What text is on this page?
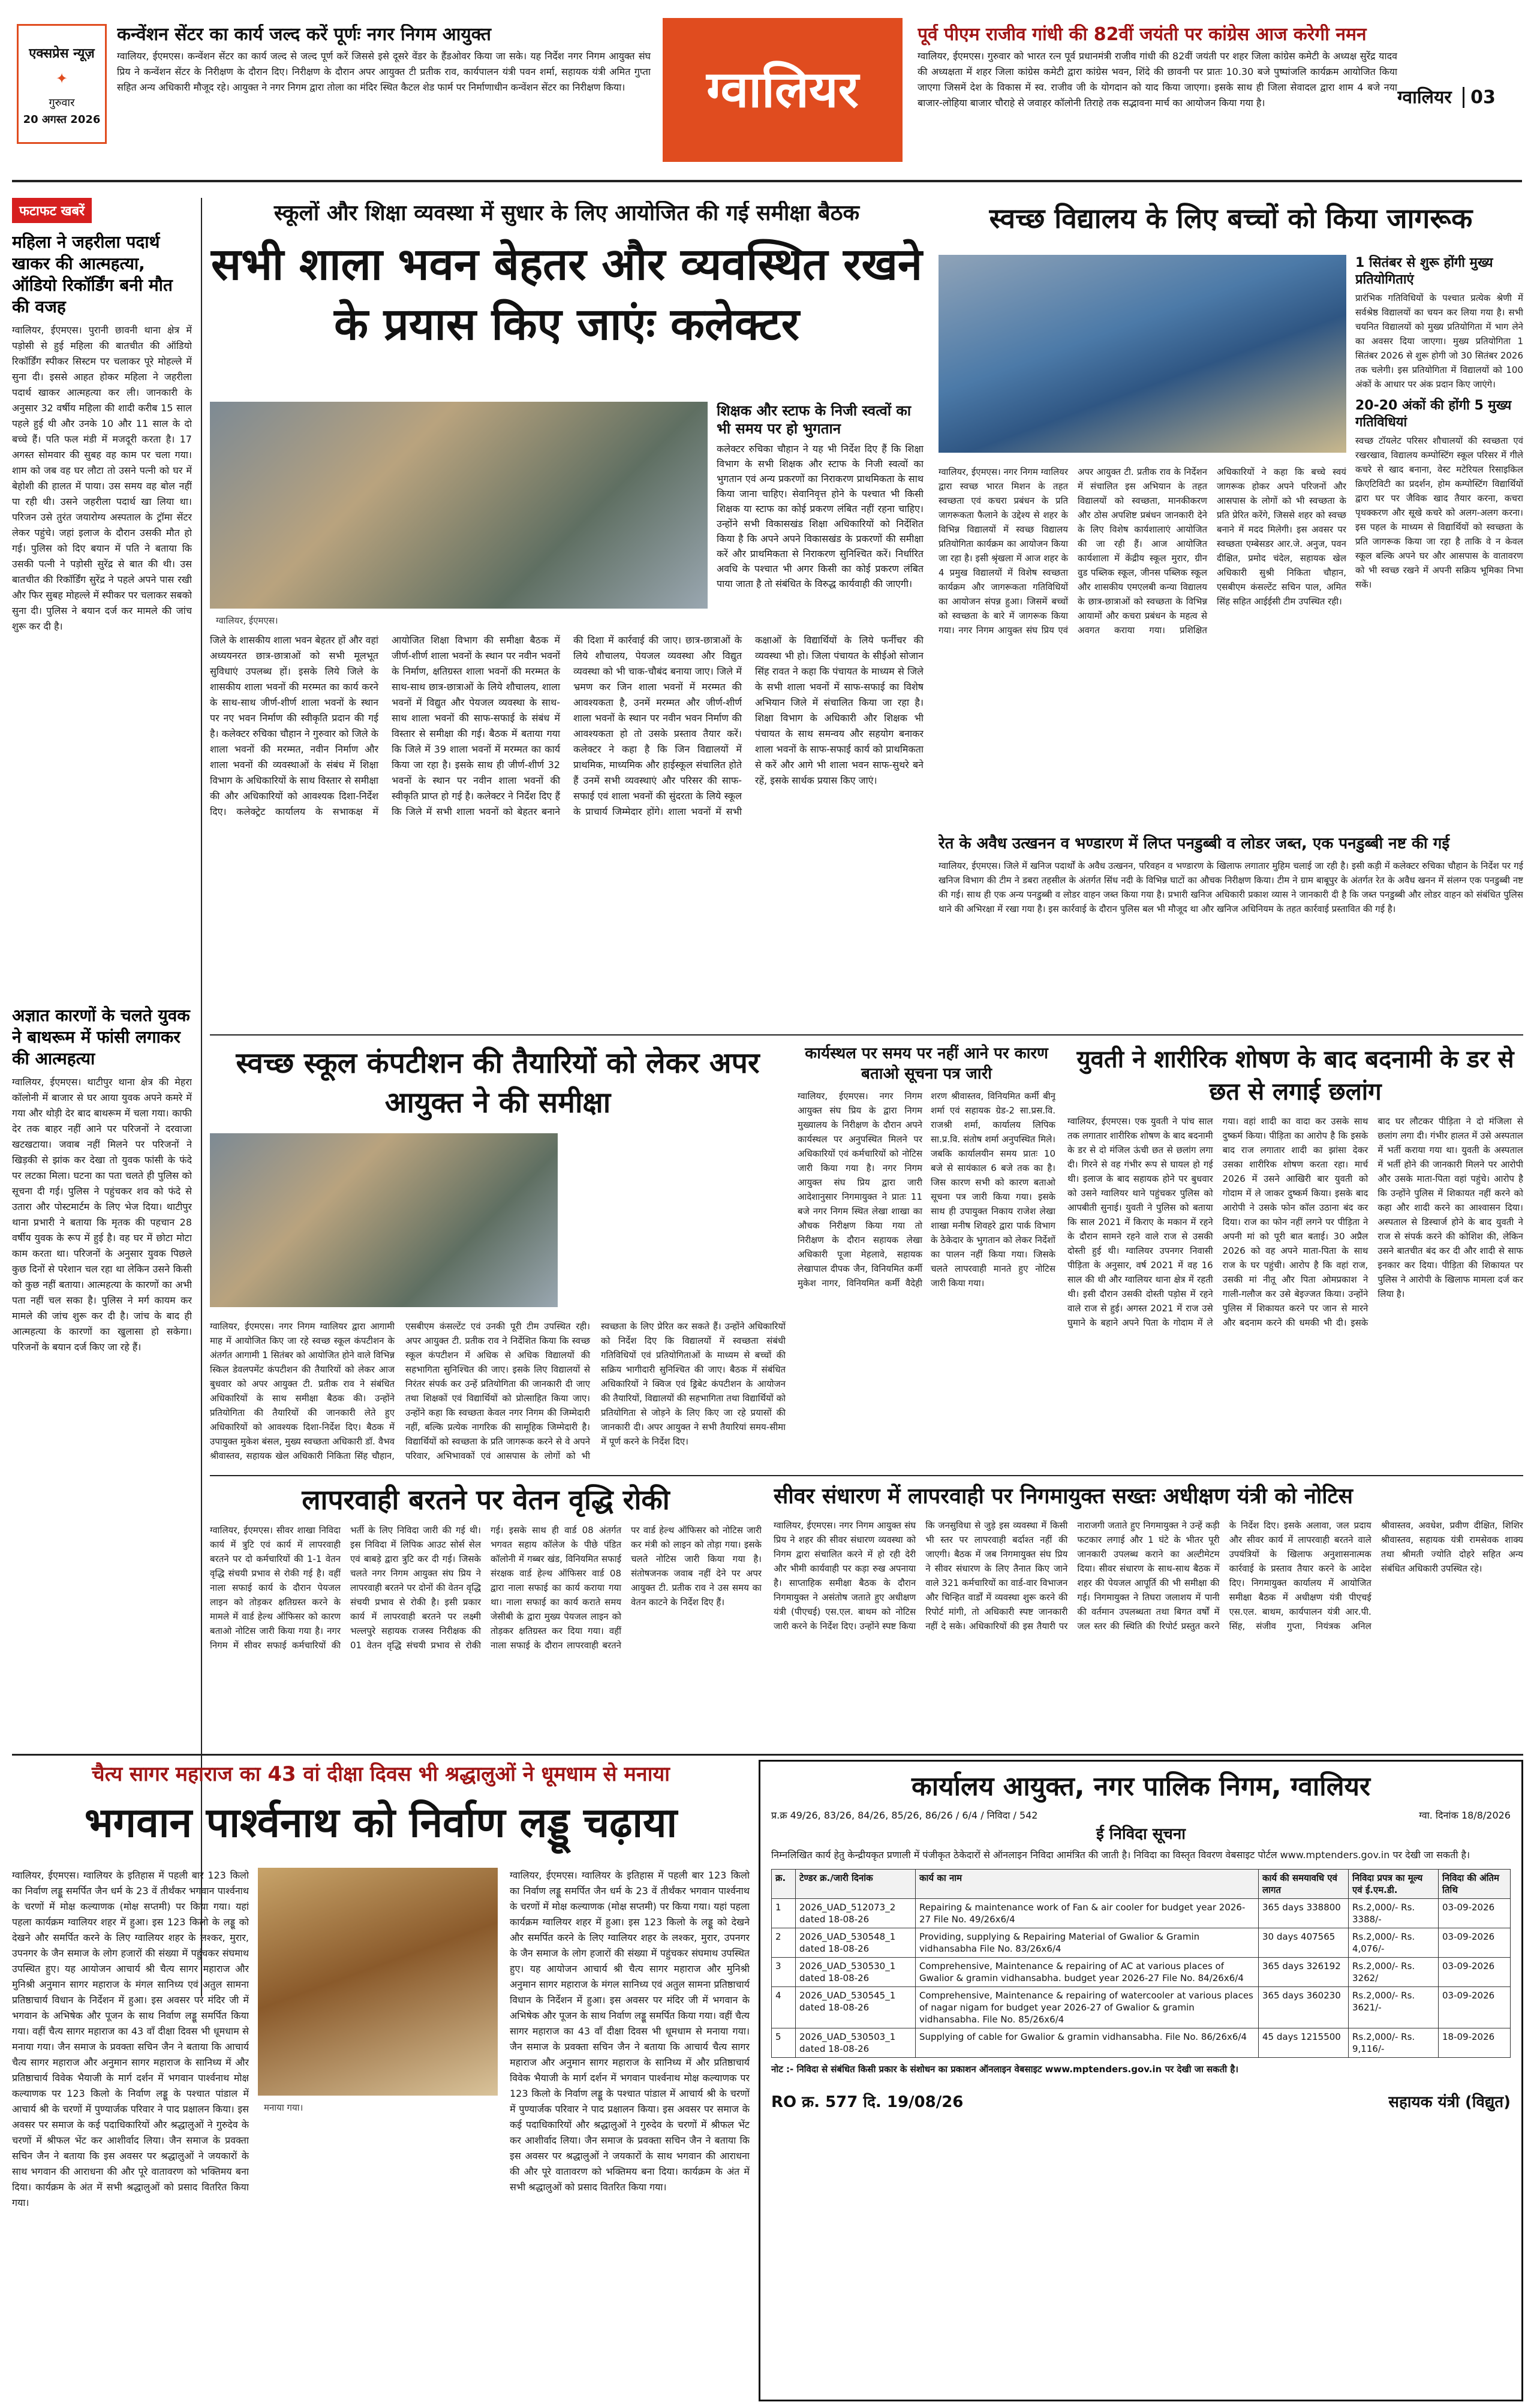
एक्सप्रेस न्यूज़
✦
गुरुवार
20 अगस्त 2026
कन्वेंशन सेंटर का कार्य जल्द करें पूर्णः नगर निगम आयुक्त
ग्वालियर, ईएमएस। कन्वेंशन सेंटर का कार्य जल्द से जल्द पूर्ण करें जिससे इसे दूसरे वेंडर के हैंडओवर किया जा सके। यह निर्देश नगर निगम आयुक्त संघ प्रिय ने कन्वेंशन सेंटर के निरीक्षण के दौरान दिए। निरीक्षण के दौरान अपर आयुक्त टी प्रतीक राव, कार्यपालन यंत्री पवन शर्मा, सहायक यंत्री अमित गुप्ता सहित अन्य अधिकारी मौजूद रहे। आयुक्त ने नगर निगम द्वारा तोला का मंदिर स्थित कैटल शेड फार्म पर निर्माणाधीन कन्वेंशन सेंटर का निरीक्षण किया।	ग्वालियर
पूर्व पीएम राजीव गांधी की 82वीं जयंती पर कांग्रेस आज करेगी नमन
ग्वालियर, ईएमएस। गुरुवार को भारत रत्न पूर्व प्रधानमंत्री राजीव गांधी की 82वीं जयंती पर शहर जिला कांग्रेस कमेटी के अध्यक्ष सुरेंद्र यादव की अध्यक्षता में शहर जिला कांग्रेस कमेटी द्वारा कांग्रेस भवन, शिंदे की छावनी पर प्रातः 10.30 बजे पुष्पांजलि कार्यक्रम आयोजित किया जाएगा जिसमें देश के विकास में स्व. राजीव जी के योगदान को याद किया जाएगा। इसके साथ ही जिला सेवादल द्वारा शाम 4 बजे नया बाजार-लोहिया बाजार चौराहे से जवाहर कॉलोनी तिराहे तक सद्भावना मार्च का आयोजन किया गया है।	ग्वालियर 03
फटाफट खबरें
महिला ने जहरीला पदार्थ खाकर की आत्महत्या, ऑडियो रिकॉर्डिंग बनी मौत की वजह
ग्वालियर, ईएमएस। पुरानी छावनी थाना क्षेत्र में पड़ोसी से हुई महिला की बातचीत की ऑडियो रिकॉर्डिंग स्पीकर सिस्टम पर चलाकर पूरे मोहल्ले में सुना दी। इससे आहत होकर महिला ने जहरीला पदार्थ खाकर आत्महत्या कर ली। जानकारी के अनुसार 32 वर्षीय महिला की शादी करीब 15 साल पहले हुई थी और उनके 10 और 11 साल के दो बच्चे हैं। पति फल मंडी में मजदूरी करता है। 17 अगस्त सोमवार की सुबह वह काम पर चला गया। शाम को जब वह घर लौटा तो उसने पत्नी को घर में बेहोशी की हालत में पाया। उस समय वह बोल नहीं पा रही थी। उसने जहरीला पदार्थ खा लिया था। परिजन उसे तुरंत जयारोग्य अस्पताल के ट्रॉमा सेंटर लेकर पहुंचे। जहां इलाज के दौरान उसकी मौत हो गई। पुलिस को दिए बयान में पति ने बताया कि उसकी पत्नी ने पड़ोसी सुरेंद्र से बात की थी। उस बातचीत की रिकॉर्डिंग सुरेंद्र ने पहले अपने पास रखी और फिर सुबह मोहल्ले में स्पीकर पर चलाकर सबको सुना दी। पुलिस ने बयान दर्ज कर मामले की जांच शुरू कर दी है।
अज्ञात कारणों के चलते युवक ने बाथरूम में फांसी लगाकर की आत्महत्या
ग्वालियर, ईएमएस। थाटीपुर थाना क्षेत्र की मेहरा कॉलोनी में बाजार से घर आया युवक अपने कमरे में गया और थोड़ी देर बाद बाथरूम में चला गया। काफी देर तक बाहर नहीं आने पर परिजनों ने दरवाजा खटखटाया। जवाब नहीं मिलने पर परिजनों ने खिड़की से झांक कर देखा तो युवक फांसी के फंदे पर लटका मिला। घटना का पता चलते ही पुलिस को सूचना दी गई। पुलिस ने पहुंचकर शव को फंदे से उतारा और पोस्टमार्टम के लिए भेज दिया। थाटीपुर थाना प्रभारी ने बताया कि मृतक की पहचान 28 वर्षीय युवक के रूप में हुई है। वह घर में छोटा मोटा काम करता था। परिजनों के अनुसार युवक पिछले कुछ दिनों से परेशान चल रहा था लेकिन उसने किसी को कुछ नहीं बताया। आत्महत्या के कारणों का अभी पता नहीं चल सका है। पुलिस ने मर्ग कायम कर मामले की जांच शुरू कर दी है। जांच के बाद ही आत्महत्या के कारणों का खुलासा हो सकेगा। परिजनों के बयान दर्ज किए जा रहे हैं।
स्कूलों और शिक्षा व्यवस्था में सुधार के लिए आयोजित की गई समीक्षा बैठक
सभी शाला भवन बेहतर और व्यवस्थित रखने के प्रयास किए जाएंः कलेक्टर
ग्वालियर, ईएमएस।
शिक्षक और स्टाफ के निजी स्वत्वों का भी समय पर हो भुगतान
कलेक्टर रुचिका चौहान ने यह भी निर्देश दिए हैं कि शिक्षा विभाग के सभी शिक्षक और स्टाफ के निजी स्वत्वों का भुगतान एवं अन्य प्रकरणों का निराकरण प्राथमिकता के साथ किया जाना चाहिए। सेवानिवृत्त होने के पश्चात भी किसी शिक्षक या स्टाफ का कोई प्रकरण लंबित नहीं रहना चाहिए। उन्होंने सभी विकासखंड शिक्षा अधिकारियों को निर्देशित किया है कि अपने अपने विकासखंड के प्रकरणों की समीक्षा करें और प्राथमिकता से निराकरण सुनिश्चित करें। निर्धारित अवधि के पश्चात भी अगर किसी का कोई प्रकरण लंबित पाया जाता है तो संबंधित के विरुद्ध कार्यवाही की जाएगी।
जिले के शासकीय शाला भवन बेहतर हों और वहां अध्ययनरत छात्र-छात्राओं को सभी मूलभूत सुविधाएं उपलब्ध हों। इसके लिये जिले के शासकीय शाला भवनों की मरम्मत का कार्य करने के साथ-साथ जीर्ण-शीर्ण शाला भवनों के स्थान पर नए भवन निर्माण की स्वीकृति प्रदान की गई है। कलेक्टर रुचिका चौहान ने गुरुवार को जिले के शाला भवनों की मरम्मत, नवीन निर्माण और शाला भवनों की व्यवस्थाओं के संबंध में शिक्षा विभाग के अधिकारियों के साथ विस्तार से समीक्षा की और अधिकारियों को आवश्यक दिशा-निर्देश दिए। कलेक्ट्रेट कार्यालय के सभाकक्ष में आयोजित शिक्षा विभाग की समीक्षा बैठक में जीर्ण-शीर्ण शाला भवनों के स्थान पर नवीन भवनों के निर्माण, क्षतिग्रस्त शाला भवनों की मरम्मत के साथ-साथ छात्र-छात्राओं के लिये शौचालय, शाला भवनों में विद्युत और पेयजल व्यवस्था के साथ-साथ शाला भवनों की साफ-सफाई के संबंध में विस्तार से समीक्षा की गई। बैठक में बताया गया कि जिले में 39 शाला भवनों में मरम्मत का कार्य किया जा रहा है। इसके साथ ही जीर्ण-शीर्ण 32 भवनों के स्थान पर नवीन शाला भवनों की स्वीकृति प्राप्त हो गई है। कलेक्टर ने निर्देश दिए हैं कि जिले में सभी शाला भवनों को बेहतर बनाने की दिशा में कार्रवाई की जाए। छात्र-छात्राओं के लिये शौचालय, पेयजल व्यवस्था और विद्युत व्यवस्था को भी चाक-चौबंद बनाया जाए। जिले में भ्रमण कर जिन शाला भवनों में मरम्मत की आवश्यकता है, उनमें मरम्मत और जीर्ण-शीर्ण शाला भवनों के स्थान पर नवीन भवन निर्माण की आवश्यकता हो तो उसके प्रस्ताव तैयार करें। कलेक्टर ने कहा है कि जिन विद्यालयों में प्राथमिक, माध्यमिक और हाईस्कूल संचालित होते हैं उनमें सभी व्यवस्थाएं और परिसर की साफ-सफाई एवं शाला भवनों की सुंदरता के लिये स्कूल के प्राचार्य जिम्मेदार होंगे। शाला भवनों में सभी कक्षाओं के विद्यार्थियों के लिये फर्नीचर की व्यवस्था भी हो। जिला पंचायत के सीईओ सोजान सिंह रावत ने कहा कि पंचायत के माध्यम से जिले के सभी शाला भवनों में साफ-सफाई का विशेष अभियान जिले में संचालित किया जा रहा है। शिक्षा विभाग के अधिकारी और शिक्षक भी पंचायत के साथ समन्वय और सहयोग बनाकर शाला भवनों के साफ-सफाई कार्य को प्राथमिकता से करें और आगे भी शाला भवन साफ-सुथरे बने रहें, इसके सार्थक प्रयास किए जाएं।
स्वच्छ विद्यालय के लिए बच्चों को किया जागरूक
1 सितंबर से शुरू होंगी मुख्य प्रतियोगिताएं
प्रारंभिक गतिविधियों के पश्चात प्रत्येक श्रेणी में सर्वश्रेष्ठ विद्यालयों का चयन कर लिया गया है। सभी चयनित विद्यालयों को मुख्य प्रतियोगिता में भाग लेने का अवसर दिया जाएगा। मुख्य प्रतियोगिता 1 सितंबर 2026 से शुरू होगी जो 30 सितंबर 2026 तक चलेगी। इस प्रतियोगिता में विद्यालयों को 100 अंकों के आधार पर अंक प्रदान किए जाएंगे।
20-20 अंकों की होंगी 5 मुख्य गतिविधियां
स्वच्छ टॉयलेट परिसर शौचालयों की स्वच्छता एवं रखरखाव, विद्यालय कम्पोस्टिंग स्कूल परिसर में गीले कचरे से खाद बनाना, वेस्ट मटेरियल रिसाइकिल क्रिएटिविटी का प्रदर्शन, होम कम्पोस्टिंग विद्यार्थियों द्वारा घर पर जैविक खाद तैयार करना, कचरा पृथक्करण और सूखे कचरे को अलग-अलग करना। इस पहल के माध्यम से विद्यार्थियों को स्वच्छता के प्रति जागरूक किया जा रहा है ताकि वे न केवल स्कूल बल्कि अपने घर और आसपास के वातावरण को भी स्वच्छ रखने में अपनी सक्रिय भूमिका निभा सकें।
ग्वालियर, ईएमएस। नगर निगम ग्वालियर द्वारा स्वच्छ भारत मिशन के तहत स्वच्छता एवं कचरा प्रबंधन के प्रति जागरूकता फैलाने के उद्देश्य से शहर के विभिन्न विद्यालयों में स्वच्छ विद्यालय प्रतियोगिता कार्यक्रम का आयोजन किया जा रहा है। इसी श्रृंखला में आज शहर के 4 प्रमुख विद्यालयों में विशेष स्वच्छता कार्यक्रम और जागरूकता गतिविधियों का आयोजन संपन्न हुआ। जिसमें बच्चों को स्वच्छता के बारे में जागरूक किया गया। नगर निगम आयुक्त संघ प्रिय एवं अपर आयुक्त टी. प्रतीक राव के निर्देशन में संचालित इस अभियान के तहत विद्यालयों को स्वच्छता, मानकीकरण और ठोस अपशिष्ट प्रबंधन जानकारी देने के लिए विशेष कार्यशालाएं आयोजित की जा रही हैं। आज आयोजित कार्यशाला में केंद्रीय स्कूल मुरार, ग्रीन वुड पब्लिक स्कूल, जीनस पब्लिक स्कूल और शासकीय एमएलबी कन्या विद्यालय के छात्र-छात्राओं को स्वच्छता के विभिन्न आयामों और कचरा प्रबंधन के महत्व से अवगत कराया गया। प्रशिक्षित अधिकारियों ने कहा कि बच्चे स्वयं जागरूक होकर अपने परिजनों और आसपास के लोगों को भी स्वच्छता के प्रति प्रेरित करेंगे, जिससे शहर को स्वच्छ बनाने में मदद मिलेगी। इस अवसर पर स्वच्छता एम्बेसडर आर.जे. अनुज, पवन दीक्षित, प्रमोद चंदेल, सहायक खेल अधिकारी सुश्री निकिता चौहान, एसबीएम कंसल्टेंट सचिन पाल, अमित सिंह सहित आईईसी टीम उपस्थित रही।
रेत के अवैध उत्खनन व भण्डारण में लिप्त पनडुब्बी व लोडर जब्त, एक पनडुब्बी नष्ट की गई
ग्वालियर, ईएमएस। जिले में खनिज पदार्थों के अवैध उत्खनन, परिवहन व भण्डारण के खिलाफ लगातार मुहिम चलाई जा रही है। इसी कड़ी में कलेक्टर रुचिका चौहान के निर्देश पर गई खनिज विभाग की टीम ने डबरा तहसील के अंतर्गत सिंध नदी के विभिन्न घाटों का औचक निरीक्षण किया। टीम ने ग्राम बाबूपुर के अंतर्गत रेत के अवैध खनन में संलग्न एक पनडुब्बी नष्ट की गई। साथ ही एक अन्य पनडुब्बी व लोडर वाहन जब्त किया गया है। प्रभारी खनिज अधिकारी प्रकाश व्यास ने जानकारी दी है कि जब्त पनडुब्बी और लोडर वाहन को संबंधित पुलिस थाने की अभिरक्षा में रखा गया है। इस कार्रवाई के दौरान पुलिस बल भी मौजूद था और खनिज अधिनियम के तहत कार्रवाई प्रस्तावित की गई है।
स्वच्छ स्कूल कंपटीशन की तैयारियों को लेकर अपर आयुक्त ने की समीक्षा
ग्वालियर, ईएमएस। नगर निगम ग्वालियर द्वारा आगामी माह में आयोजित किए जा रहे स्वच्छ स्कूल कंपटीशन के अंतर्गत आगामी 1 सितंबर को आयोजित होने वाले विभिन्न स्किल डेवलपमेंट कंपटीशन की तैयारियों को लेकर आज बुधवार को अपर आयुक्त टी. प्रतीक राव ने संबंधित अधिकारियों के साथ समीक्षा बैठक की। उन्होंने प्रतियोगिता की तैयारियों की जानकारी लेते हुए अधिकारियों को आवश्यक दिशा-निर्देश दिए। बैठक में उपायुक्त मुकेश बंसल, मुख्य स्वच्छता अधिकारी डॉ. वैभव श्रीवास्तव, सहायक खेल अधिकारी निकिता सिंह चौहान, एसबीएम कंसल्टेंट एवं उनकी पूरी टीम उपस्थित रही। अपर आयुक्त टी. प्रतीक राव ने निर्देशित किया कि स्वच्छ स्कूल कंपटीशन में अधिक से अधिक विद्यालयों की सहभागिता सुनिश्चित की जाए। इसके लिए विद्यालयों से निरंतर संपर्क कर उन्हें प्रतियोगिता की जानकारी दी जाए तथा शिक्षकों एवं विद्यार्थियों को प्रोत्साहित किया जाए। उन्होंने कहा कि स्वच्छता केवल नगर निगम की जिम्मेदारी नहीं, बल्कि प्रत्येक नागरिक की सामूहिक जिम्मेदारी है। विद्यार्थियों को स्वच्छता के प्रति जागरूक करने से वे अपने परिवार, अभिभावकों एवं आसपास के लोगों को भी स्वच्छता के लिए प्रेरित कर सकते हैं। उन्होंने अधिकारियों को निर्देश दिए कि विद्यालयों में स्वच्छता संबंधी गतिविधियों एवं प्रतियोगिताओं के माध्यम से बच्चों की सक्रिय भागीदारी सुनिश्चित की जाए। बैठक में संबंधित अधिकारियों ने क्विज एवं ड्रिबेट कंपटीशन के आयोजन की तैयारियों, विद्यालयों की सहभागिता तथा विद्यार्थियों को प्रतियोगिता से जोड़ने के लिए किए जा रहे प्रयासों की जानकारी दी। अपर आयुक्त ने सभी तैयारियां समय-सीमा में पूर्ण करने के निर्देश दिए।
कार्यस्थल पर समय पर नहीं आने पर कारण बताओ सूचना पत्र जारी
ग्वालियर, ईएमएस। नगर निगम आयुक्त संघ प्रिय के द्वारा निगम मुख्यालय के निरीक्षण के दौरान अपने कार्यस्थल पर अनुपस्थित मिलने पर अधिकारियों एवं कर्मचारियों को नोटिस जारी किया गया है। नगर निगम आयुक्त संघ प्रिय द्वारा जारी आदेशानुसार निगमायुक्त ने प्रातः 11 बजे नगर निगम स्थित लेखा शाखा का औचक निरीक्षण किया गया तो निरीक्षण के दौरान सहायक लेखा अधिकारी पूजा मेहलावे, सहायक लेखापाल दीपक जैन, विनियमित कर्मी मुकेश नागर, विनियमित कर्मी वैदेही शरण श्रीवास्तव, विनियमित कर्मी बीनू शर्मा एवं सहायक ग्रेड-2 सा.प्रस.वि. राजश्री शर्मा, कार्यालय लिपिक सा.प्र.वि. संतोष शर्मा अनुपस्थित मिले। जबकि कार्यालयीन समय प्रातः 10 बजे से सायंकाल 6 बजे तक का है। जिस कारण सभी को कारण बताओ सूचना पत्र जारी किया गया। इसके साथ ही उपायुक्त निकाय राजेश लेखा शाखा मनीष शिवहरे द्वारा पार्क विभाग के ठेकेदार के भुगतान को लेकर निर्देशों का पालन नहीं किया गया। जिसके चलते लापरवाही मानते हुए नोटिस जारी किया गया।
युवती ने शारीरिक शोषण के बाद बदनामी के डर से छत से लगाई छलांग
ग्वालियर, ईएमएस। एक युवती ने पांच साल तक लगातार शारीरिक शोषण के बाद बदनामी के डर से दो मंजिल ऊंची छत से छलांग लगा दी। गिरने से वह गंभीर रूप से घायल हो गई थी। इलाज के बाद सहायक होने पर बुधवार को उसने ग्वालियर थाने पहुंचकर पुलिस को आपबीती सुनाई। युवती ने पुलिस को बताया कि साल 2021 में किराए के मकान में रहने के दौरान सामने रहने वाले राज से उसकी दोस्ती हुई थी। ग्वालियर उपनगर निवासी पीड़िता के अनुसार, वर्ष 2021 में वह 16 साल की थी और ग्वालियर थाना क्षेत्र में रहती थी। इसी दौरान उसकी दोस्ती पड़ोस में रहने वाले राज से हुई। अगस्त 2021 में राज उसे घुमाने के बहाने अपने पिता के गोदाम में ले गया। वहां शादी का वादा कर उसके साथ दुष्कर्म किया। पीड़िता का आरोप है कि इसके बाद राज लगातार शादी का झांसा देकर उसका शारीरिक शोषण करता रहा। मार्च 2026 में उसने आखिरी बार युवती को गोदाम में ले जाकर दुष्कर्म किया। इसके बाद आरोपी ने उसके फोन कॉल उठाना बंद कर दिया। राज का फोन नहीं लगने पर पीड़िता ने अपनी मां को पूरी बात बताई। 30 अप्रैल 2026 को वह अपने माता-पिता के साथ राज के घर पहुंची। आरोप है कि वहां राज, उसकी मां नीतू और पिता ओमप्रकाश ने गाली-गलौज कर उसे बेइज्जत किया। उन्होंने पुलिस में शिकायत करने पर जान से मारने और बदनाम करने की धमकी भी दी। इसके बाद घर लौटकर पीड़िता ने दो मंजिला से छलांग लगा दी। गंभीर हालत में उसे अस्पताल में भर्ती कराया गया था। युवती के अस्पताल में भर्ती होने की जानकारी मिलने पर आरोपी और उसके माता-पिता वहां पहुंचे। आरोप है कि उन्होंने पुलिस में शिकायत नहीं करने को कहा और शादी करने का आश्वासन दिया। अस्पताल से डिस्चार्ज होने के बाद युवती ने राज से संपर्क करने की कोशिश की, लेकिन उसने बातचीत बंद कर दी और शादी से साफ इनकार कर दिया। पीड़िता की शिकायत पर पुलिस ने आरोपी के खिलाफ मामला दर्ज कर लिया है।
लापरवाही बरतने पर वेतन वृद्धि रोकी
ग्वालियर, ईएमएस। सीवर शाखा निविदा कार्य में त्रुटि एवं कार्य में लापरवाही बरतने पर दो कर्मचारियों की 1-1 वेतन वृद्धि संचयी प्रभाव से रोकी गई है। वहीं नाला सफाई कार्य के दौरान पेयजल लाइन को तोड़कर क्षतिग्रस्त करने के मामले में वार्ड हेल्थ ऑफिसर को कारण बताओ नोटिस जारी किया गया है। नगर निगम में सीवर सफाई कर्मचारियों की भर्ती के लिए निविदा जारी की गई थी। इस निविदा में लिपिक आउट सोर्स सेल एवं बाबड़े द्वारा त्रुटि कर दी गई। जिसके चलते नगर निगम आयुक्त संघ प्रिय ने लापरवाही बरतने पर दोनों की वेतन वृद्धि संचयी प्रभाव से रोकी है। इसी प्रकार कार्य में लापरवाही बरतने पर लक्ष्मी भल्लपुरे सहायक राजस्व निरीक्षक की 01 वेतन वृद्धि संचयी प्रभाव से रोकी गई। इसके साथ ही वार्ड 08 अंतर्गत भगवत सहाय कॉलेज के पीछे पंडित कॉलोनी में गब्बर खंड, विनियमित सफाई संरक्षक वार्ड हेल्थ ऑफिसर वार्ड 08 द्वारा नाला सफाई का कार्य कराया गया था। नाला सफाई का कार्य कराते समय जेसीबी के द्वारा मुख्य पेयजल लाइन को तोड़कर क्षतिग्रस्त कर दिया गया। वहीं नाला सफाई के दौरान लापरवाही बरतने पर वार्ड हेल्थ ऑफिसर को नोटिस जारी कर मंत्री को लाइन को तोड़ा गया। इसके चलते नोटिस जारी किया गया है। संतोषजनक जवाब नहीं देने पर अपर आयुक्त टी. प्रतीक राव ने उस समय का वेतन काटने के निर्देश दिए हैं।
सीवर संधारण में लापरवाही पर निगमायुक्त सख्तः अधीक्षण यंत्री को नोटिस
ग्वालियर, ईएमएस। नगर निगम आयुक्त संघ प्रिय ने शहर की सीवर संधारण व्यवस्था को निगम द्वारा संचालित करने में हो रही देरी और भीमी कार्यवाही पर कड़ा रुख अपनाया है। साप्ताहिक समीक्षा बैठक के दौरान निगमायुक्त ने असंतोष जताते हुए अधीक्षण यंत्री (पीएचई) एस.एल. बाथम को नोटिस जारी करने के निर्देश दिए। उन्होंने स्पष्ट किया कि जनसुविधा से जुड़े इस व्यवस्था में किसी भी स्तर पर लापरवाही बर्दाश्त नहीं की जाएगी। बैठक में जब निगमायुक्त संघ प्रिय ने सीवर संधारण के लिए तैनात किए जाने वाले 321 कर्मचारियों का वार्ड-वार विभाजन और चिन्हित वार्डों में व्यवस्था शुरू करने की रिपोर्ट मांगी, तो अधिकारी स्पष्ट जानकारी नहीं दे सके। अधिकारियों की इस तैयारी पर नाराजगी जताते हुए निगमायुक्त ने उन्हें कड़ी फटकार लगाई और 1 घंटे के भीतर पूरी जानकारी उपलब्ध कराने का अल्टीमेटम दिया। सीवर संधारण के साथ-साथ बैठक में शहर की पेयजल आपूर्ति की भी समीक्षा की गई। निगमायुक्त ने तिघरा जलाशय में पानी की वर्तमान उपलब्धता तथा बिगत वर्षों में जल स्तर की स्थिति की रिपोर्ट प्रस्तुत करने के निर्देश दिए। इसके अलावा, जल प्रदाय और सीवर कार्य में लापरवाही बरतने वाले उपयंत्रियों के खिलाफ अनुशासनात्मक कार्रवाई के प्रस्ताव तैयार करने के आदेश दिए। निगमायुक्त कार्यालय में आयोजित समीक्षा बैठक में अधीक्षण यंत्री पीएचई एस.एल. बाथम, कार्यपालन यंत्री आर.पी. सिंह, संजीव गुप्ता, नियंत्रक अनिल श्रीवास्तव, अवधेश, प्रवीण दीक्षित, शिशिर श्रीवास्तव, सहायक यंत्री रामसेवक शाक्य तथा श्रीमती ज्योति दोहरे सहित अन्य संबंधित अधिकारी उपस्थित रहे।
चैत्य सागर महाराज का 43 वां दीक्षा दिवस भी श्रद्धालुओं ने धूमधाम से मनाया
भगवान पार्श्वनाथ को निर्वाण लड्डू चढ़ाया
मनाया गया।
ग्वालियर, ईएमएस। ग्वालियर के इतिहास में पहली बार 123 किलो का निर्वाण लड्डू समर्पित जैन धर्म के 23 वें तीर्थंकर भगवान पार्श्वनाथ के चरणों में मोक्ष कल्याणक (मोक्ष सप्तमी) पर किया गया। यहां पहला कार्यक्रम ग्वालियर शहर में हुआ। इस 123 किलो के लड्डू को देखने और समर्पित करने के लिए ग्वालियर शहर के लश्कर, मुरार, उपनगर के जैन समाज के लोग हजारों की संख्या में पहुंचकर संघमाथ उपस्थित हुए। यह आयोजन आचार्य श्री चैत्य सागर महाराज और मुनिश्री अनुमान सागर महाराज के मंगल सानिध्य एवं अतुल सामना प्रतिष्ठाचार्य विधान के निर्देशन में हुआ। इस अवसर पर मंदिर जी में भगवान के अभिषेक और पूजन के साथ निर्वाण लड्डू समर्पित किया गया। वहीं चैत्य सागर महाराज का 43 वाँ दीक्षा दिवस भी धूमधाम से मनाया गया। जैन समाज के प्रवक्ता सचिन जैन ने बताया कि आचार्य चैत्य सागर महाराज और अनुमान सागर महाराज के सानिध्य में और प्रतिष्ठाचार्य विवेक भैयाजी के मार्ग दर्शन में भगवान पार्श्वनाथ मोक्ष कल्याणक पर 123 किलो के निर्वाण लड्डू के पश्चात पांडाल में आचार्य श्री के चरणों में पुण्यार्जक परिवार ने पाद प्रक्षालन किया। इस अवसर पर समाज के कई पदाधिकारियों और श्रद्धालुओं ने गुरुदेव के चरणों में श्रीफल भेंट कर आशीर्वाद लिया। जैन समाज के प्रवक्ता सचिन जैन ने बताया कि इस अवसर पर श्रद्धालुओं ने जयकारों के साथ भगवान की आराधना की और पूरे वातावरण को भक्तिमय बना दिया। कार्यक्रम के अंत में सभी श्रद्धालुओं को प्रसाद वितरित किया गया।
ग्वालियर, ईएमएस। ग्वालियर के इतिहास में पहली बार 123 किलो का निर्वाण लड्डू समर्पित जैन धर्म के 23 वें तीर्थंकर भगवान पार्श्वनाथ के चरणों में मोक्ष कल्याणक (मोक्ष सप्तमी) पर किया गया। यहां पहला कार्यक्रम ग्वालियर शहर में हुआ। इस 123 किलो के लड्डू को देखने और समर्पित करने के लिए ग्वालियर शहर के लश्कर, मुरार, उपनगर के जैन समाज के लोग हजारों की संख्या में पहुंचकर संघमाथ उपस्थित हुए। यह आयोजन आचार्य श्री चैत्य सागर महाराज और मुनिश्री अनुमान सागर महाराज के मंगल सानिध्य एवं अतुल सामना प्रतिष्ठाचार्य विधान के निर्देशन में हुआ। इस अवसर पर मंदिर जी में भगवान के अभिषेक और पूजन के साथ निर्वाण लड्डू समर्पित किया गया। वहीं चैत्य सागर महाराज का 43 वाँ दीक्षा दिवस भी धूमधाम से मनाया गया। जैन समाज के प्रवक्ता सचिन जैन ने बताया कि आचार्य चैत्य सागर महाराज और अनुमान सागर महाराज के सानिध्य में और प्रतिष्ठाचार्य विवेक भैयाजी के मार्ग दर्शन में भगवान पार्श्वनाथ मोक्ष कल्याणक पर 123 किलो के निर्वाण लड्डू के पश्चात पांडाल में आचार्य श्री के चरणों में पुण्यार्जक परिवार ने पाद प्रक्षालन किया। इस अवसर पर समाज के कई पदाधिकारियों और श्रद्धालुओं ने गुरुदेव के चरणों में श्रीफल भेंट कर आशीर्वाद लिया। जैन समाज के प्रवक्ता सचिन जैन ने बताया कि इस अवसर पर श्रद्धालुओं ने जयकारों के साथ भगवान की आराधना की और पूरे वातावरण को भक्तिमय बना दिया। कार्यक्रम के अंत में सभी श्रद्धालुओं को प्रसाद वितरित किया गया।
कार्यालय आयुक्त, नगर पालिक निगम, ग्वालियर
प्र.क्र 49/26, 83/26, 84/26, 85/26, 86/26 / 6/4 / निविदा / 542	ग्वा. दिनांक 18/8/2026
ई निविदा सूचना
निम्नलिखित कार्य हेतु केन्द्रीयकृत प्रणाली में पंजीकृत ठेकेदारों से ऑनलाइन निविदा आमंत्रित की जाती है। निविदा का विस्तृत विवरण वेबसाइट पोर्टल www.mptenders.gov.in पर देखी जा सकती है।
क्र.	टेण्डर क्र./जारी दिनांक	कार्य का नाम	कार्य की समयावधि एवं लागत	निविदा प्रपत्र का मूल्य एवं ई.एम.डी.	निविदा की अंतिम तिथि
1	2026_UAD_512073_2 dated 18-08-26	Repairing & maintenance work of Fan & air cooler for budget year 2026-27 File No. 49/26x6/4	365 days 338800	Rs.2,000/- Rs. 3388/-	03-09-2026
2	2026_UAD_530548_1 dated 18-08-26	Providing, supplying & Repairing Material of Gwalior & Gramin vidhansabha File No. 83/26x6/4	30 days 407565	Rs.2,000/- Rs. 4,076/-	03-09-2026
3	2026_UAD_530530_1 dated 18-08-26	Comprehensive, Maintenance & repairing of AC at various places of Gwalior & gramin vidhansabha. budget year 2026-27 File No. 84/26x6/4	365 days 326192	Rs.2,000/- Rs. 3262/	03-09-2026
4	2026_UAD_530545_1 dated 18-08-26	Comprehensive, Maintenance & repairing of watercooler at various places of nagar nigam for budget year 2026-27 of Gwalior & gramin vidhansabha. File No. 85/26x6/4	365 days 360230	Rs.2,000/- Rs. 3621/-	03-09-2026
5	2026_UAD_530503_1 dated 18-08-26	Supplying of cable for Gwalior & gramin vidhansabha. File No. 86/26x6/4	45 days 1215500	Rs.2,000/- Rs. 9,116/-	18-09-2026
नोट :- निविदा से संबंधित किसी प्रकार के संशोधन का प्रकाशन ऑनलाइन वेबसाइट www.mptenders.gov.in पर देखी जा सकती है।
RO क्र. 577 दि. 19/08/26	सहायक यंत्री (विद्युत)
